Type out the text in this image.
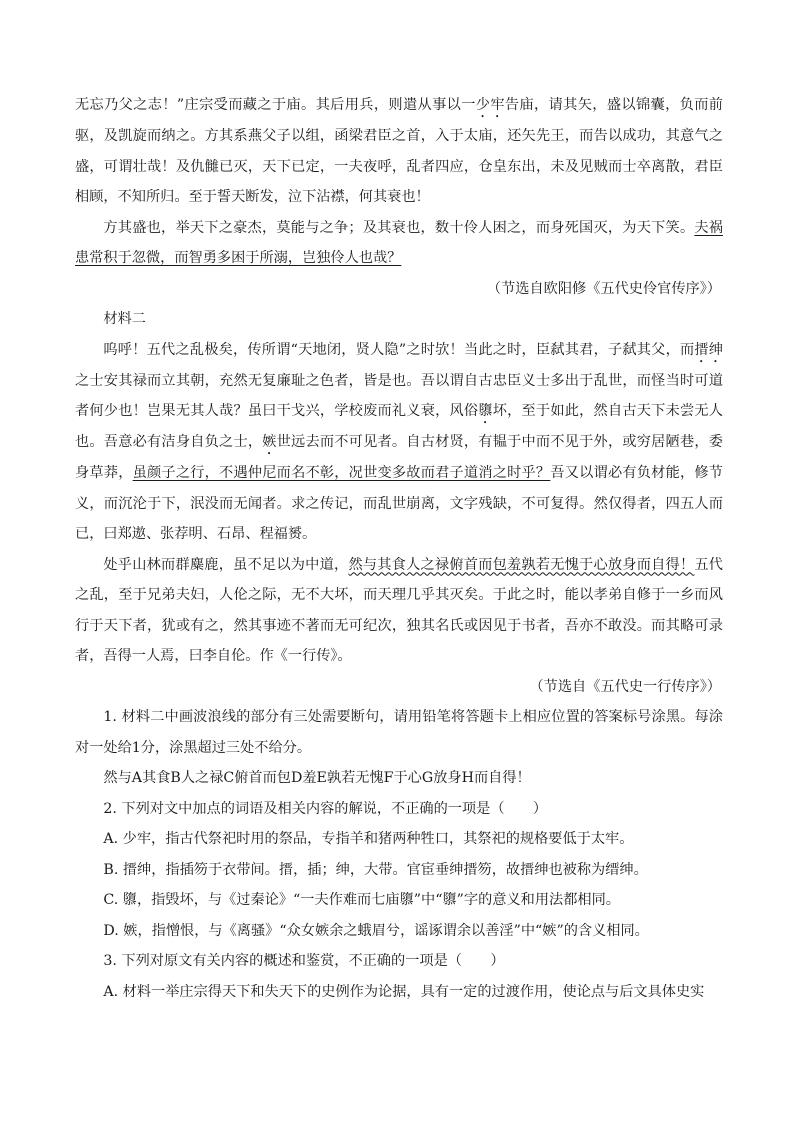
无忘乃父之志！”庄宗受而藏之于庙。其后用兵，则遣从事以一少牢告庙，请其矢，盛以锦囊，负而前驱，及凯旋而纳之。方其系燕父子以组，函梁君臣之首，入于太庙，还矢先王，而告以成功，其意气之盛，可谓壮哉！及仇雠已灭，天下已定，一夫夜呼，乱者四应，仓皇东出，未及见贼而士卒离散，君臣相顾，不知所归。至于誓天断发，泣下沾襟，何其衰也！

方其盛也，举天下之豪杰，莫能与之争；及其衰也，数十伶人困之，而身死国灭，为天下笑。夫祸患常积于忽微，而智勇多困于所溺，岂独伶人也哉？

（节选自欧阳修《五代史伶官传序》）

材料二

呜呼！五代之乱极矣，传所谓“天地闭，贤人隐”之时欤！当此之时，臣弑其君，子弑其父，而搢绅之士安其禄而立其朝，充然无复廉耻之色者，皆是也。吾以谓自古忠臣义士多出于乱世，而怪当时可道者何少也！岂果无其人哉？虽曰干戈兴，学校废而礼义衰，风俗隳坏，至于如此，然自古天下未尝无人也。吾意必有洁身自负之士，嫉世远去而不可见者。自古材贤，有韫于中而不见于外，或穷居陋巷，委身草莽，虽颜子之行，不遇仲尼而名不彰，况世变多故而君子道消之时乎？吾又以谓必有负材能，修节义，而沉沦于下，泯没而无闻者。求之传记，而乱世崩离，文字残缺，不可复得。然仅得者，四五人而已，曰郑遨、张荐明、石昂、程福赟。

处乎山林而群麋鹿，虽不足以为中道，然与其食人之禄俯首而包羞孰若无愧于心放身而自得！五代之乱，至于兄弟夫妇，人伦之际，无不大坏，而天理几乎其灭矣。于此之时，能以孝弟自修于一乡而风行于天下者，犹或有之，然其事迹不著而无可纪次，独其名氏或因见于书者，吾亦不敢没。而其略可录者，吾得一人焉，曰李自伦。作《一行传》。

（节选自《五代史一行传序》）

1. 材料二中画波浪线的部分有三处需要断句，请用铅笔将答题卡上相应位置的答案标号涂黑。每涂对一处给1分，涂黑超过三处不给分。

然与A其食B人之禄C俯首而包D羞E孰若无愧F于心G放身H而自得！

2. 下列对文中加点的词语及相关内容的解说，不正确的一项是（　　）

A. 少牢，指古代祭祀时用的祭品，专指羊和猪两种牲口，其祭祀的规格要低于太牢。

B. 搢绅，指插笏于衣带间。搢，插；绅，大带。官宦垂绅搢笏，故搢绅也被称为缙绅。

C. 隳，指毁坏，与《过秦论》“一夫作难而七庙隳”中“隳”字的意义和用法都相同。

D. 嫉，指憎恨，与《离骚》“众女嫉余之蛾眉兮，谣诼谓余以善淫”中“嫉”的含义相同。

3. 下列对原文有关内容的概述和鉴赏，不正确的一项是（　　）

A. 材料一举庄宗得天下和失天下的史例作为论据，具有一定的过渡作用，使论点与后文具体史实
